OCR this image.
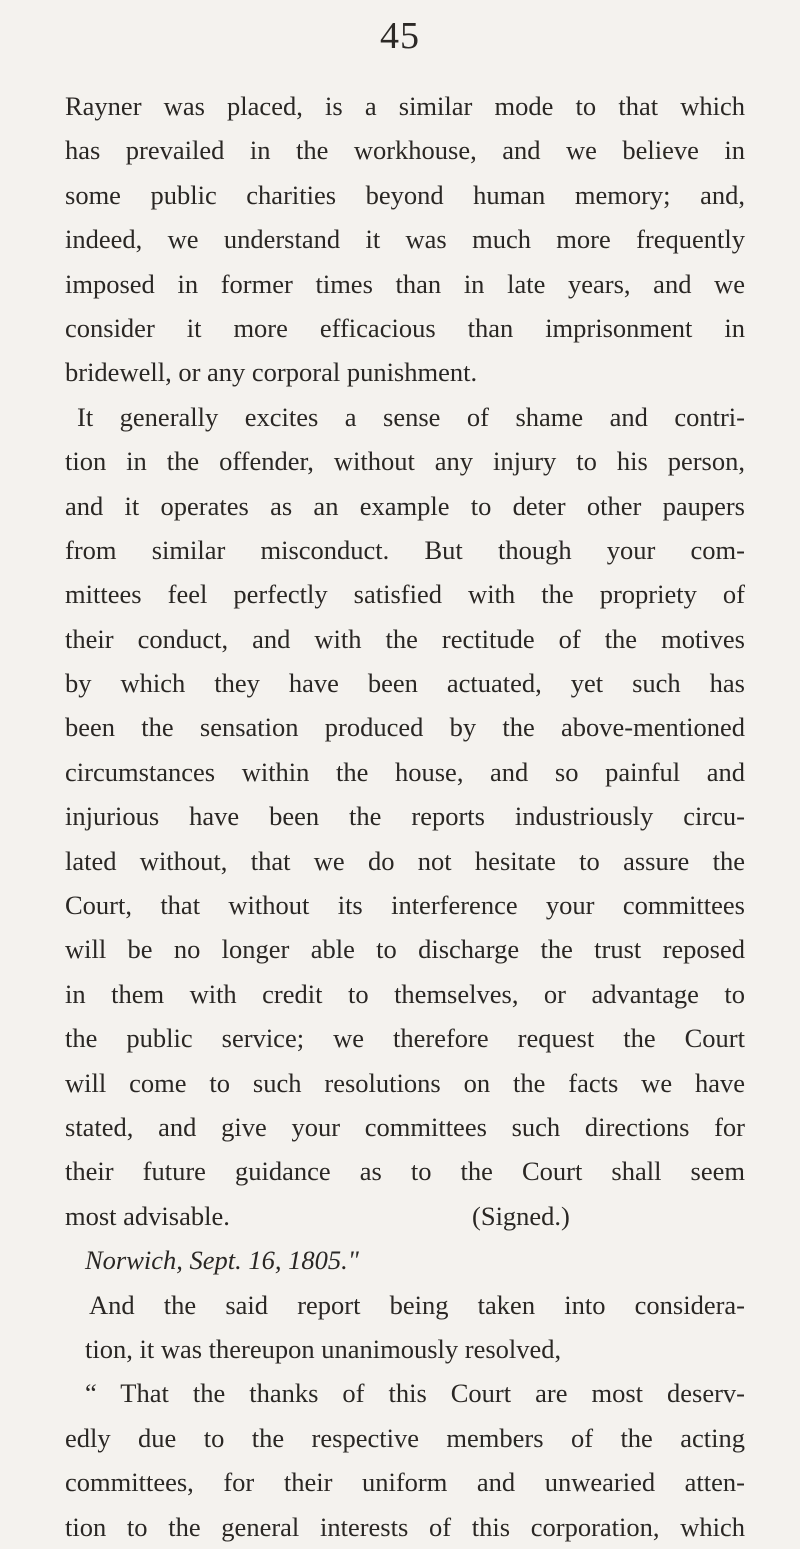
45
Rayner was placed, is a similar mode to that which
has prevailed in the workhouse, and we believe in
some public charities beyond human memory; and,
indeed, we understand it was much more frequently
imposed in former times than in late years, and we
consider it more efficacious than imprisonment in
bridewell, or any corporal punishment.
It generally excites a sense of shame and contri-
tion in the offender, without any injury to his person,
and it operates as an example to deter other paupers
from similar misconduct. But though your com-
mittees feel perfectly satisfied with the propriety of
their conduct, and with the rectitude of the motives
by which they have been actuated, yet such has
been the sensation produced by the above-mentioned
circumstances within the house, and so painful and
injurious have been the reports industriously circu-
lated without, that we do not hesitate to assure the
Court, that without its interference your committees
will be no longer able to discharge the trust reposed
in them with credit to themselves, or advantage to
the public service; we therefore request the Court
will come to such resolutions on the facts we have
stated, and give your committees such directions for
their future guidance as to the Court shall seem
most advisable.	(Signed.)
Norwich, Sept. 16, 1805."
And the said report being taken into considera-
tion, it was thereupon unanimously resolved,
“ That the thanks of this Court are most deserv-
edly due to the respective members of the acting
committees, for their uniform and unwearied atten-
tion to the general interests of this corporation, which
